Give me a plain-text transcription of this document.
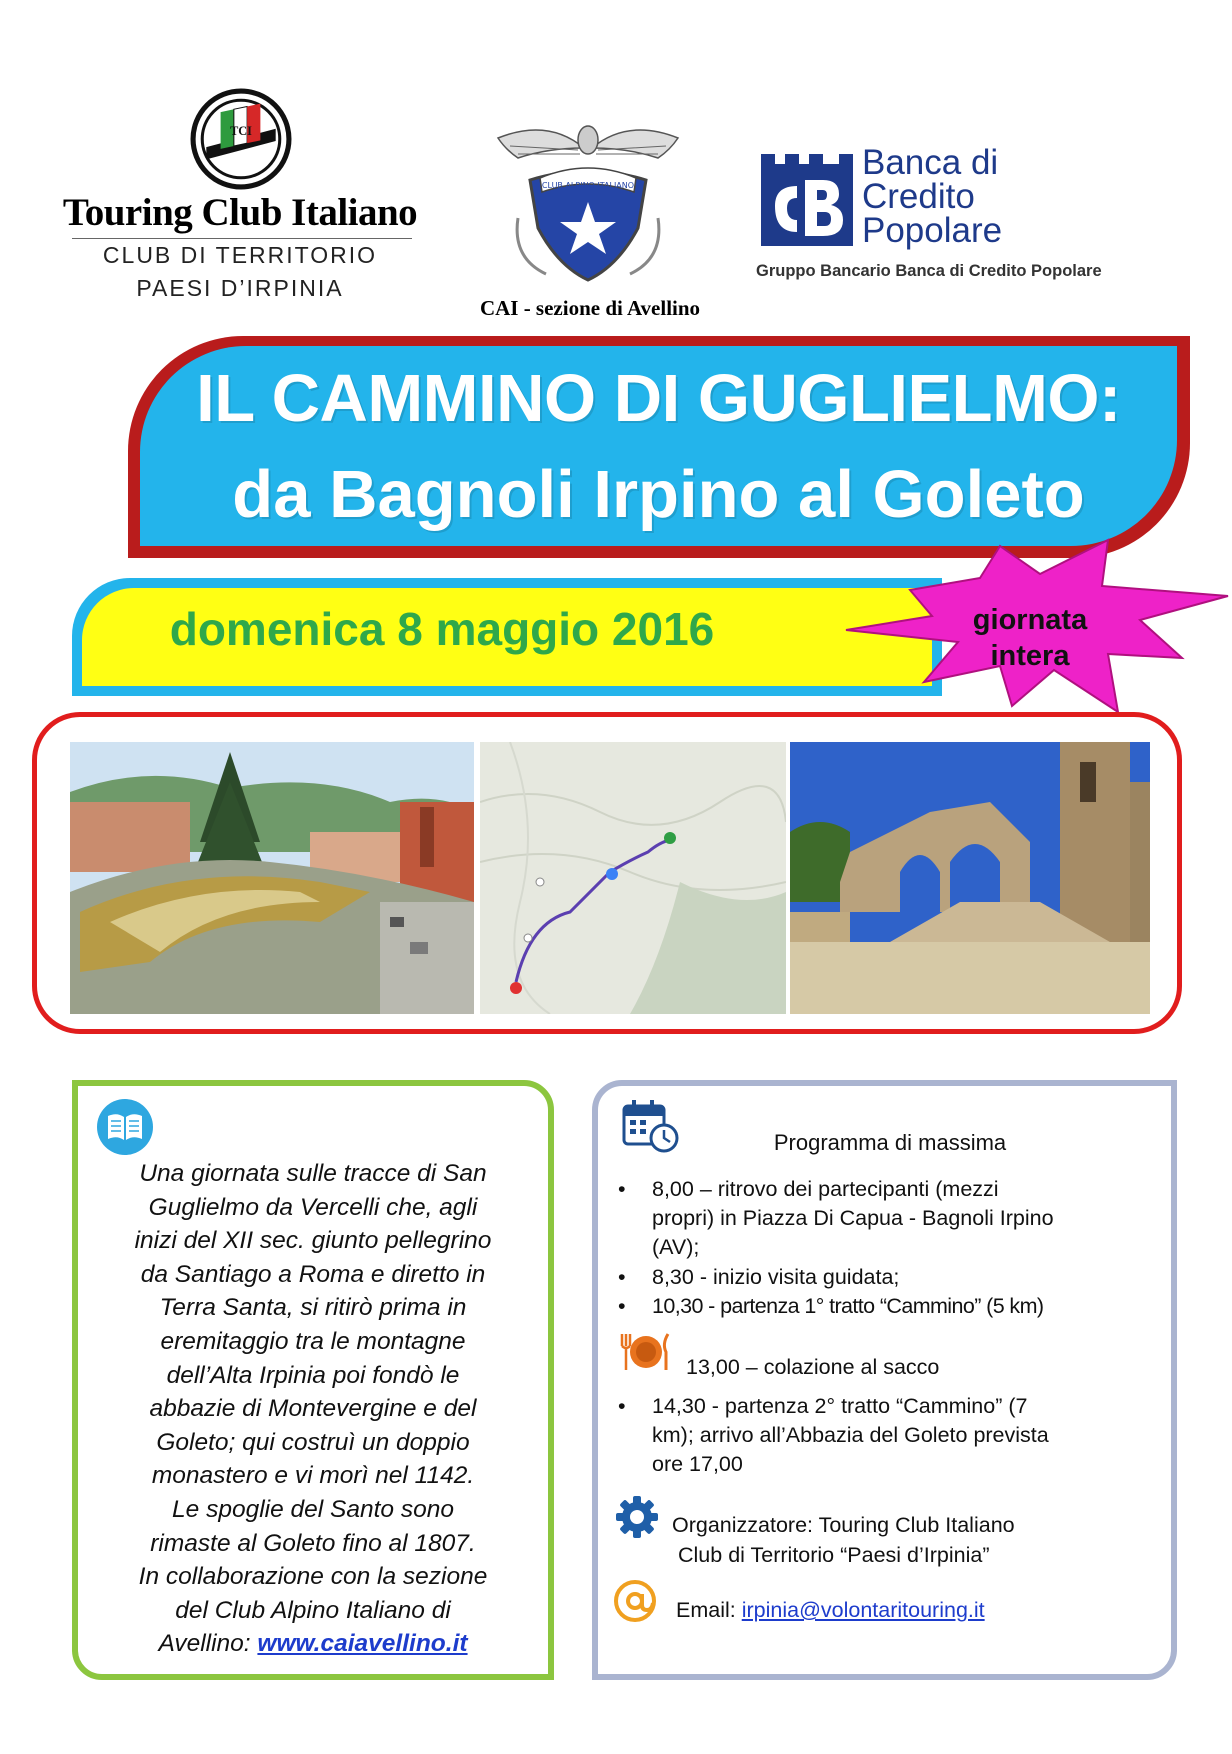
TCI
Touring Club Italiano
CLUB DI TERRITORIO
PAESI D’IRPINIA
CLUB ALPINO ITALIANO
CAI - sezione di Avellino
Banca di
Credito
Popolare
Gruppo Bancario Banca di Credito Popolare
IL CAMMINO DI GUGLIELMO:
da Bagnoli Irpino al Goleto
domenica 8 maggio 2016	giornata
intera
Una giornata sulle tracce di San
Guglielmo da Vercelli che, agli
inizi del XII sec. giunto pellegrino
da Santiago a Roma e diretto in
Terra Santa, si ritirò prima in
eremitaggio tra le montagne
dell’Alta Irpinia poi fondò le
abbazie di Montevergine e del
Goleto; qui costruì un doppio
monastero e vi morì nel 1142.
Le spoglie del Santo sono
rimaste al Goleto fino al 1807.
In collaborazione con la sezione
del Club Alpino Italiano di
Avellino: www.caiavellino.it
Programma di massima
• 8,00 – ritrovo dei partecipanti (mezzi
propri) in Piazza Di Capua - Bagnoli Irpino
(AV);
• 8,30 - inizio visita guidata;
• 10,30 - partenza 1° tratto “Cammino” (5 km)
13,00 – colazione al sacco
• 14,30 - partenza 2° tratto “Cammino” (7
km); arrivo all’Abbazia del Goleto prevista
ore 17,00
Organizzatore: Touring Club Italiano
Club di Territorio “Paesi d’Irpinia”
Email: irpinia@volontaritouring.it
